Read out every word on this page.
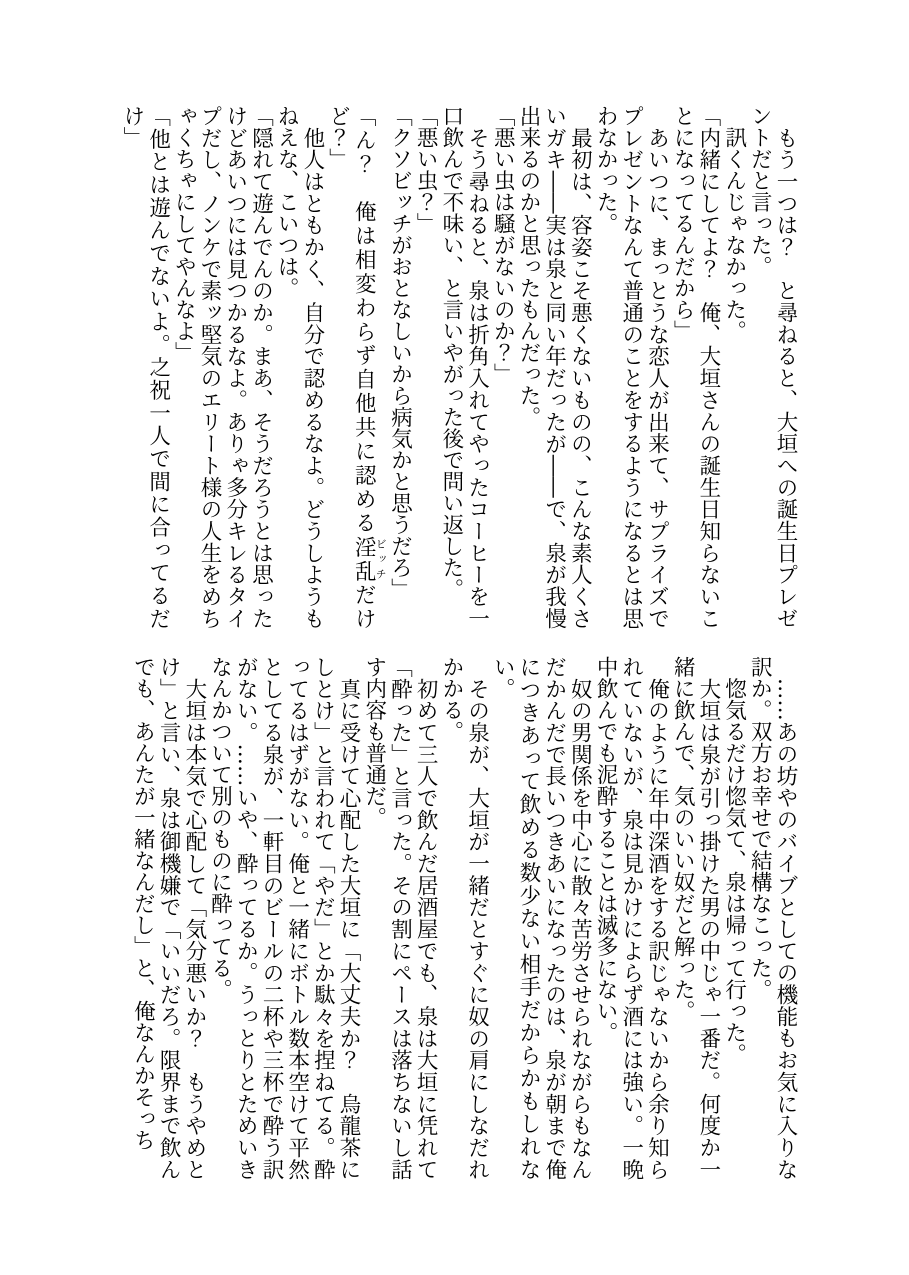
　もう一つは？　と尋ねると、大垣への誕生日プレゼントだと言った。

　訊くんじゃなかった。

「内緒にしてよ？　俺、大垣さんの誕生日知らないことになってるんだから」

　あいつに、まっとうな恋人が出来て、サプライズでプレゼントなんて普通のことをするようになるとは思わなかった。

　最初は、容姿こそ悪くないものの、こんな素人くさいガキ――実は泉と同い年だったが――で、泉が我慢出来るのかと思ったもんだった。

「悪い虫は騒がないのか？」

　そう尋ねると、泉は折角入れてやったコーヒーを一口飲んで不味い、と言いやがった後で問い返した。

「悪い虫？」

「クソビッチがおとなしいから病気かと思うだろ」

「ん？　俺は相変わらず自他共に認める淫乱ビッチだけど？」

　他人はともかく、自分で認めるなよ。どうしようもねえな、こいつは。

「隠れて遊んでんのか。まあ、そうだろうとは思ったけどあいつには見つかるなよ。ありゃ多分キレるタイプだし、ノンケで素ッ堅気のエリート様の人生をめちゃくちゃにしてやんなよ」

「他とは遊んでないよ。之祝一人で間に合ってるだけ」

　……あの坊やのバイブとしての機能もお気に入りな訳か。双方お幸せで結構なこった。

　惚気るだけ惚気て、泉は帰って行った。

　大垣は泉が引っ掛けた男の中じゃ一番だ。何度か一緒に飲んで、気のいい奴だと解った。

　俺のように年中深酒をする訳じゃないから余り知られていないが、泉は見かけによらず酒には強い。一晩中飲んでも泥酔することは滅多にない。

　奴の男関係を中心に散々苦労させられながらもなんだかんだで長いつきあいになったのは、泉が朝まで俺につきあって飲める数少ない相手だからかもしれない。

　その泉が、大垣が一緒だとすぐに奴の肩にしなだれかかる。

　初めて三人で飲んだ居酒屋でも、泉は大垣に凭れて「酔った」と言った。その割にペースは落ちないし話す内容も普通だ。

　真に受けて心配した大垣に「大丈夫か？　烏龍茶にしとけ」と言われて「やだ」とか駄々を捏ねてる。酔ってるはずがない。俺と一緒にボトル数本空けて平然としてる泉が、一軒目のビールの二杯や三杯で酔う訳がない。……いや、酔ってるか。うっとりとためいきなんかついて別のものに酔ってる。

　大垣は本気で心配して「気分悪いか？　もうやめとけ」と言い、泉は御機嫌で「いいだろ。限界まで飲んでも、あんたが一緒なんだし」と、俺なんかそっち
